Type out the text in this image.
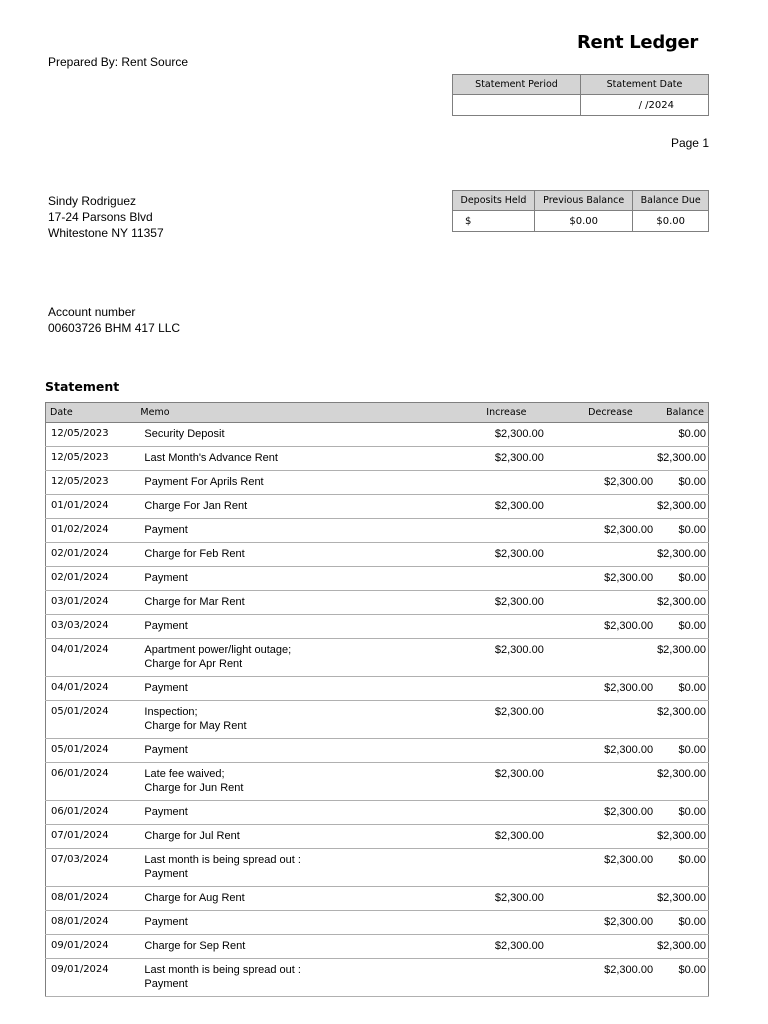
Rent Ledger
Prepared By: Rent Source
Statement Period	Statement Date
	/ /2024
Page 1
Sindy Rodriguez
17-24 Parsons Blvd
Whitestone NY 11357
Deposits Held	Previous Balance	Balance Due
$	$0.00	$0.00
Account number
00603726 BHM 417 LLC
Statement
Date	Memo	Increase	Decrease	Balance
12/05/2023	Security Deposit	$2,300.00		$0.00
12/05/2023	Last Month's Advance Rent	$2,300.00		$2,300.00
12/05/2023	Payment For Aprils Rent		$2,300.00	$0.00
01/01/2024	Charge For Jan Rent	$2,300.00		$2,300.00
01/02/2024	Payment		$2,300.00	$0.00
02/01/2024	Charge for Feb Rent	$2,300.00		$2,300.00
02/01/2024	Payment		$2,300.00	$0.00
03/01/2024	Charge for Mar Rent	$2,300.00		$2,300.00
03/03/2024	Payment		$2,300.00	$0.00
04/01/2024	Apartment power/light outage;
Charge for Apr Rent	$2,300.00		$2,300.00
04/01/2024	Payment		$2,300.00	$0.00
05/01/2024	Inspection;
Charge for May Rent	$2,300.00		$2,300.00
05/01/2024	Payment		$2,300.00	$0.00
06/01/2024	Late fee waived;
Charge for Jun Rent	$2,300.00		$2,300.00
06/01/2024	Payment		$2,300.00	$0.00
07/01/2024	Charge for Jul Rent	$2,300.00		$2,300.00
07/03/2024	Last month is being spread out :
Payment		$2,300.00	$0.00
08/01/2024	Charge for Aug Rent	$2,300.00		$2,300.00
08/01/2024	Payment		$2,300.00	$0.00
09/01/2024	Charge for Sep Rent	$2,300.00		$2,300.00
09/01/2024	Last month is being spread out :
Payment		$2,300.00	$0.00
